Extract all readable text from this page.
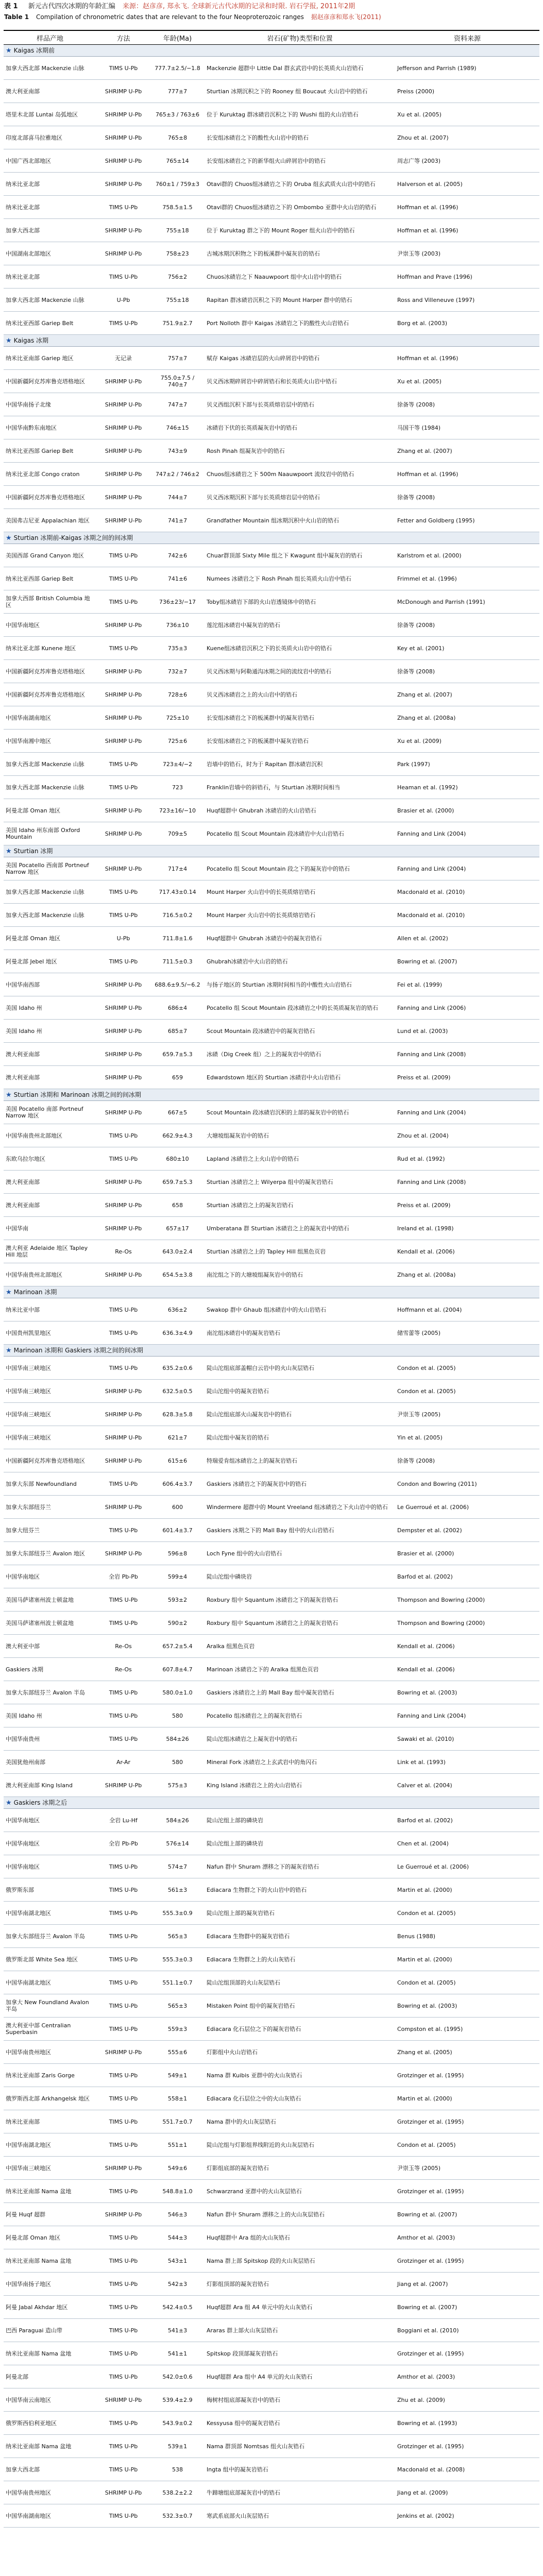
表 1 新元古代四次冰期的年龄汇编 来源：赵彦彦, 郑永飞. 全球新元古代冰期的记录和时限. 岩石学报, 2011年2期
Table 1 Compilation of chronometric dates that are relevant to the four Neoproterozoic ranges 据赵彦彦和郑永飞(2011)
样品产地	方法	年龄(Ma)	岩石(矿物)类型和位置	资料来源
★ Kaigas 冰期前				
加拿大西北部 Mackenzie 山脉	TIMS U-Pb	777.7±2.5/−1.8	Mackenzie 超群中 Little Dal 群玄武岩中的长英质火山岩锆石	Jefferson and Parrish (1989)
澳大利亚南部	SHRIMP U-Pb	777±7	Sturtian 冰期沉积之下的 Rooney 组 Boucaut 火山岩中的锆石	Preiss (2000)
塔里木北部 Luntai 岛弧地区	SHRIMP U-Pb	765±3 / 763±6	位于 Kuruktag 群冰碛岩沉积之下的 Wushi 组的火山岩锆石	Xu et al. (2005)
印度北部喜马拉雅地区	SHRIMP U-Pb	765±8	长安组冰碛岩之下的酸性火山岩中的锆石	Zhou et al. (2007)
中国广西北部地区	SHRIMP U-Pb	765±14	长安组冰碛岩之下的新华组火山碎屑岩中的锆石	周志广等 (2003)
纳米比亚北部	SHRIMP U-Pb	760±1 / 759±3	Otavi群的 Chuos组冰碛岩之下的 Oruba 组玄武质火山岩中的锆石	Halverson et al. (2005)
纳米比亚北部	TIMS U-Pb	758.5±1.5	Otavi群的 Chuos组冰碛岩之下的 Ombombo 亚群中火山岩的锆石	Hoffman et al. (1996)
加拿大西北部	SHRIMP U-Pb	755±18	位于 Kuruktag 群之下的 Mount Roger 组火山岩中的锆石	Hoffman et al. (1996)
中国湖南北部地区	SHRIMP U-Pb	758±23	古城冰期沉积物之下的板溪群中凝灰岩的锆石	尹崇玉等 (2003)
纳米比亚北部	TIMS U-Pb	756±2	Chuos冰碛岩之下 Naauwpoort 组中火山岩中的锆石	Hoffman and Prave (1996)
加拿大西北部 Mackenzie 山脉	U-Pb	755±18	Rapitan 群冰碛岩沉积之下的 Mount Harper 群中的锆石	Ross and Villeneuve (1997)
纳米比亚西部 Gariep Belt	TIMS U-Pb	751.9±2.7	Port Nolloth 群中 Kaigas 冰碛岩之下的酸性火山岩锆石	Borg et al. (2003)
★ Kaigas 冰期				
纳米比亚南部 Gariep 地区	无记录	757±7	赋存 Kaigas 冰碛岩层的火山碎屑岩中的锆石	Hoffman et al. (1996)
中国新疆阿克苏库鲁克塔格地区	SHRIMP U-Pb	755.0±7.5 / 740±7	贝义西冰期碎屑岩中碎屑锆石和长英质火山岩中锆石	Xu et al. (2005)
中国华南扬子北缘	SHRIMP U-Pb	747±7	贝义西组沉积下部与长英质熔岩层中的锆石	徐备等 (2008)
中国华南黔东南地区	SHRIMP U-Pb	746±15	冰碛岩下伏的长英质凝灰岩中的锆石	马国干等 (1984)
纳米比亚西部 Gariep Belt	SHRIMP U-Pb	743±9	Rosh Pinah 组凝灰岩中的锆石	Zhang et al. (2007)
纳米比亚北部 Congo craton	SHRIMP U-Pb	747±2 / 746±2	Chuos组冰碛岩之下 500m Naauwpoort 流纹岩中的锆石	Hoffman et al. (1996)
中国新疆阿克苏库鲁克塔格地区	SHRIMP U-Pb	744±7	贝义西冰期沉积下部与长英质熔岩层中的锆石	徐备等 (2008)
美国弗吉尼亚 Appalachian 地区	SHRIMP U-Pb	741±7	Grandfather Mountain 组冰期沉积中火山岩的锆石	Fetter and Goldberg (1995)
★ Sturtian 冰期前-Kaigas 冰期之间的间冰期				
美国西部 Grand Canyon 地区	TIMS U-Pb	742±6	Chuar群顶部 Sixty Mile 组之下 Kwagunt 组中凝灰岩的锆石	Karlstrom et al. (2000)
纳米比亚西部 Gariep Belt	TIMS U-Pb	741±6	Numees 冰碛岩之下 Rosh Pinah 组长英质火山岩中锆石	Frimmel et al. (1996)
加拿大西部 British Columbia 地区	TIMS U-Pb	736±23/−17	Toby组冰碛岩下部的火山岩透镜体中的锆石	McDonough and Parrish (1991)
中国华南地区	SHRIMP U-Pb	736±10	莲沱组冰碛岩中凝灰岩的锆石	徐备等 (2008)
纳米比亚北部 Kunene 地区	TIMS U-Pb	735±3	Kuene组冰碛岩沉积之下的长英质火山岩中的锆石	Key et al. (2001)
中国新疆阿克苏库鲁克塔格地区	SHRIMP U-Pb	732±7	贝义西冰期与阿勒通沟冰期之间的流纹岩中的锆石	徐备等 (2008)
中国新疆阿克苏库鲁克塔格地区	SHRIMP U-Pb	728±6	贝义西冰碛岩之上的火山岩中的锆石	Zhang et al. (2007)
中国华南湖南地区	SHRIMP U-Pb	725±10	长安组冰碛岩之下的板溪群中的凝灰岩锆石	Zhang et al. (2008a)
中国华南湘中地区	SHRIMP U-Pb	725±6	长安组冰碛岩之下的板溪群中凝灰岩锆石	Xu et al. (2009)
加拿大西北部 Mackenzie 山脉	TIMS U-Pb	723±4/−2	岩墙中的锆石，时为于 Rapitan 群冰碛岩沉积	Park (1997)
加拿大西北部 Mackenzie 山脉	TIMS U-Pb	723	Franklin岩墙中的斜锆石，与 Sturtian 冰期时间相当	Heaman et al. (1992)
阿曼北部 Oman 地区	SHRIMP U-Pb	723±16/−10	Huqf超群中 Ghubrah 冰碛岩的火山岩锆石	Brasier et al. (2000)
美国 Idaho 州东南部 Oxford Mountain	SHRIMP U-Pb	709±5	Pocatello 组 Scout Mountain 段冰碛岩中火山岩锆石	Fanning and Link (2004)
★ Sturtian 冰期				
美国 Pocatello 西南部 Portneuf Narrow 地区	SHRIMP U-Pb	717±4	Pocatello 组 Scout Mountain 段之下的凝灰岩中的锆石	Fanning and Link (2004)
加拿大西北部 Mackenzie 山脉	TIMS U-Pb	717.43±0.14	Mount Harper 火山岩中的长英质熔岩锆石	Macdonald et al. (2010)
加拿大西北部 Mackenzie 山脉	TIMS U-Pb	716.5±0.2	Mount Harper 火山岩中的长英质熔岩锆石	Macdonald et al. (2010)
阿曼北部 Oman 地区	U-Pb	711.8±1.6	Huqf超群中 Ghubrah 冰碛岩中的凝灰岩锆石	Allen et al. (2002)
阿曼北部 Jebel 地区	TIMS U-Pb	711.5±0.3	Ghubrah冰碛岩中火山岩的锆石	Bowring et al. (2007)
中国华南西部	SHRIMP U-Pb	688.6±9.5/−6.2	与扬子地区的 Sturtian 冰期时间相当的中酸性火山岩锆石	Fei et al. (1999)
美国 Idaho 州	SHRIMP U-Pb	686±4	Pocatello 组 Scout Mountain 段冰碛岩之中的长英质凝灰岩的锆石	Fanning and Link (2006)
美国 Idaho 州	SHRIMP U-Pb	685±7	Scout Mountain 段冰碛岩中的凝灰岩锆石	Lund et al. (2003)
澳大利亚南部	SHRIMP U-Pb	659.7±5.3	冰碛（Dig Creek 组）之上的凝灰岩中的锆石	Fanning and Link (2008)
澳大利亚南部	SHRIMP U-Pb	659	Edwardstown 地区的 Sturtian 冰碛岩中火山岩锆石	Preiss et al. (2009)
★ Sturtian 冰期和 Marinoan 冰期之间的间冰期				
美国 Pocatello 南部 Portneuf Narrow 地区	SHRIMP U-Pb	667±5	Scout Mountain 段冰碛岩沉积的上部的凝灰岩中的锆石	Fanning and Link (2004)
中国华南贵州北部地区	TIMS U-Pb	662.9±4.3	大塘坡组凝灰岩中的锆石	Zhou et al. (2004)
东欧乌拉尔地区	TIMS U-Pb	680±10	Lapland 冰碛岩之上火山岩中的锆石	Rud et al. (1992)
澳大利亚南部	SHRIMP U-Pb	659.7±5.3	Sturtian 冰碛岩之上 Wilyerpa 组中的凝灰岩锆石	Fanning and Link (2008)
澳大利亚南部	SHRIMP U-Pb	658	Sturtian 冰碛岩之上的凝灰岩锆石	Preiss et al. (2009)
中国华南	SHRIMP U-Pb	657±17	Umberatana 群 Sturtian 冰碛岩之上的凝灰岩中的锆石	Ireland et al. (1998)
澳大利亚 Adelaide 地区 Tapley Hill 地层	Re-Os	643.0±2.4	Sturtian 冰碛岩之上的 Tapley Hill 组黑色页岩	Kendall et al. (2006)
中国华南贵州北部地区	SHRIMP U-Pb	654.5±3.8	南沱组之下的大塘坡组凝灰岩中的锆石	Zhang et al. (2008a)
★ Marinoan 冰期				
纳米比亚中部	TIMS U-Pb	636±2	Swakop 群中 Ghaub 组冰碛岩中的火山岩锆石	Hoffmann et al. (2004)
中国贵州凯里地区	TIMS U-Pb	636.3±4.9	南沱组冰碛岩中的凝灰岩锆石	储雪蕾等 (2005)
★ Marinoan 冰期和 Gaskiers 冰期之间的间冰期				
中国华南三峡地区	TIMS U-Pb	635.2±0.6	陡山沱组底部盖帽白云岩中的火山灰层锆石	Condon et al. (2005)
中国华南三峡地区	SHRIMP U-Pb	632.5±0.5	陡山沱组中的凝灰岩锆石	Condon et al. (2005)
中国华南三峡地区	SHRIMP U-Pb	628.3±5.8	陡山沱组底部火山凝灰岩中的锆石	尹崇玉等 (2005)
中国华南三峡地区	SHRIMP U-Pb	621±7	陡山沱组中凝灰岩的锆石	Yin et al. (2005)
中国新疆阿克苏库鲁克塔格地区	SHRIMP U-Pb	615±6	特瑞爱肯组冰碛岩之上的凝灰岩锆石	徐备等 (2008)
加拿大东部 Newfoundland	TIMS U-Pb	606.4±3.7	Gaskiers 冰碛岩之下的凝灰岩中的锆石	Condon and Bowring (2011)
加拿大东部纽芬兰	SHRIMP U-Pb	600	Windermere 超群中的 Mount Vreeland 组冰碛岩之下火山岩中的锆石	Le Guerroué et al. (2006)
加拿大纽芬兰	TIMS U-Pb	601.4±3.7	Gaskiers 冰期之下的 Mall Bay 组中的火山岩锆石	Dempster et al. (2002)
加拿大东部纽芬兰 Avalon 地区	SHRIMP U-Pb	596±8	Loch Fyne 组中的火山岩锆石	Brasier et al. (2000)
中国华南地区	全岩 Pb-Pb	599±4	陡山沱组中磷块岩	Barfod et al. (2002)
美国马萨诸塞州波士顿盆地	TIMS U-Pb	593±2	Roxbury 组中 Squantum 冰碛岩之下的凝灰岩锆石	Thompson and Bowring (2000)
美国马萨诸塞州波士顿盆地	TIMS U-Pb	590±2	Roxbury 组中 Squantum 冰碛岩之上的凝灰岩锆石	Thompson and Bowring (2000)
澳大利亚中部	Re-Os	657.2±5.4	Aralka 组黑色页岩	Kendall et al. (2006)
Gaskiers 冰期	Re-Os	607.8±4.7	Marinoan 冰碛岩之下的 Aralka 组黑色页岩	Kendall et al. (2006)
加拿大东部纽芬兰 Avalon 半岛	TIMS U-Pb	580.0±1.0	Gaskiers 冰碛岩之上的 Mall Bay 组中凝灰岩锆石	Bowring et al. (2003)
美国 Idaho 州	TIMS U-Pb	580	Pocatello 组冰碛岩之上的凝灰岩锆石	Fanning and Link (2004)
中国华南贵州	TIMS U-Pb	584±26	陡山沱组冰碛岩之上凝灰岩中的锆石	Sawaki et al. (2010)
美国犹他州南部	Ar-Ar	580	Mineral Fork 冰碛岩之上玄武岩中的角闪石	Link et al. (1993)
澳大利亚南部 King Island	SHRIMP U-Pb	575±3	King Island 冰碛岩之上的火山岩锆石	Calver et al. (2004)
★ Gaskiers 冰期之后				
中国华南地区	全岩 Lu-Hf	584±26	陡山沱组上部的磷块岩	Barfod et al. (2002)
中国华南地区	全岩 Pb-Pb	576±14	陡山沱组上部的磷块岩	Chen et al. (2004)
中国华南地区	TIMS U-Pb	574±7	Nafun 群中 Shuram 漂移之下的凝灰岩锆石	Le Guerroué et al. (2006)
俄罗斯东部	TIMS U-Pb	561±3	Ediacara 生物群之下的火山岩中的锆石	Martin et al. (2000)
中国华南湖北地区	TIMS U-Pb	555.3±0.9	陡山沱组上部的凝灰岩锆石	Condon et al. (2005)
加拿大东部纽芬兰 Avalon 半岛	TIMS U-Pb	565±3	Ediacara 生物群中的凝灰岩锆石	Benus (1988)
俄罗斯北部 White Sea 地区	TIMS U-Pb	555.3±0.3	Ediacara 生物群之上的火山灰锆石	Martin et al. (2000)
中国华南湖北地区	TIMS U-Pb	551.1±0.7	陡山沱组顶部的火山灰层锆石	Condon et al. (2005)
加拿大 New Foundland Avalon 半岛	TIMS U-Pb	565±3	Mistaken Point 组中的凝灰岩锆石	Bowring et al. (2003)
澳大利亚中部 Centralian Superbasin	TIMS U-Pb	559±3	Ediacara 化石层位之下的凝灰岩锆石	Compston et al. (1995)
中国华南贵州地区	SHRIMP U-Pb	555±6	灯影组中火山岩锆石	Zhang et al. (2005)
纳米比亚南部 Zaris Gorge	TIMS U-Pb	549±1	Nama 群 Kuibis 亚群中的火山灰锆石	Grotzinger et al. (1995)
俄罗斯西北部 Arkhangelsk 地区	TIMS U-Pb	558±1	Ediacara 化石层位之中的火山灰锆石	Martin et al. (2000)
纳米比亚南部	TIMS U-Pb	551.7±0.7	Nama 群中的火山灰层锆石	Grotzinger et al. (1995)
中国华南湖北地区	TIMS U-Pb	551±1	陡山沱组与灯影组界线附近的火山灰层锆石	Condon et al. (2005)
中国华南三峡地区	SHRIMP U-Pb	549±6	灯影组底部的凝灰岩锆石	尹崇玉等 (2005)
纳米比亚南部 Nama 盆地	TIMS U-Pb	548.8±1.0	Schwarzrand 亚群中的火山灰层锆石	Grotzinger et al. (1995)
阿曼 Huqf 超群	SHRIMP U-Pb	546±3	Nafun 群中 Shuram 漂移之上的火山灰层锆石	Bowring et al. (2007)
阿曼北部 Oman 地区	TIMS U-Pb	544±3	Huqf超群中 Ara 组的火山灰锆石	Amthor et al. (2003)
纳米比亚南部 Nama 盆地	TIMS U-Pb	543±1	Nama 群上部 Spitskop 段的火山灰层锆石	Grotzinger et al. (1995)
中国华南扬子地区	TIMS U-Pb	542±3	灯影组顶部的凝灰岩锆石	Jiang et al. (2007)
阿曼 Jabal Akhdar 地区	TIMS U-Pb	542.4±0.5	Huqf超群 Ara 组 A4 单元中的火山灰锆石	Bowring et al. (2007)
巴西 Paraguai 造山带	TIMS U-Pb	541±3	Araras 群上部火山灰层锆石	Boggiani et al. (2010)
纳米比亚南部 Nama 盆地	TIMS U-Pb	541±1	Spitskop 段顶部凝灰岩锆石	Grotzinger et al. (1995)
阿曼北部	TIMS U-Pb	542.0±0.6	Huqf超群 Ara 组中 A4 单元的火山灰锆石	Amthor et al. (2003)
中国华南云南地区	SHRIMP U-Pb	539.4±2.9	梅树村组底部凝灰岩中的锆石	Zhu et al. (2009)
俄罗斯西伯利亚地区	TIMS U-Pb	543.9±0.2	Kessyusa 组中的凝灰岩锆石	Bowring et al. (1993)
纳米比亚南部 Nama 盆地	TIMS U-Pb	539±1	Nama 群顶部 Nomtsas 组火山灰锆石	Grotzinger et al. (1995)
加拿大西北部	TIMS U-Pb	538	Ingta 组中的凝灰岩锆石	Macdonald et al. (2008)
中国华南贵州地区	SHRIMP U-Pb	538.2±2.2	牛蹄塘组底部凝灰岩中的锆石	Jiang et al. (2009)
中国华南湖南地区	TIMS U-Pb	532.3±0.7	寒武系底部火山灰层锆石	Jenkins et al. (2002)
